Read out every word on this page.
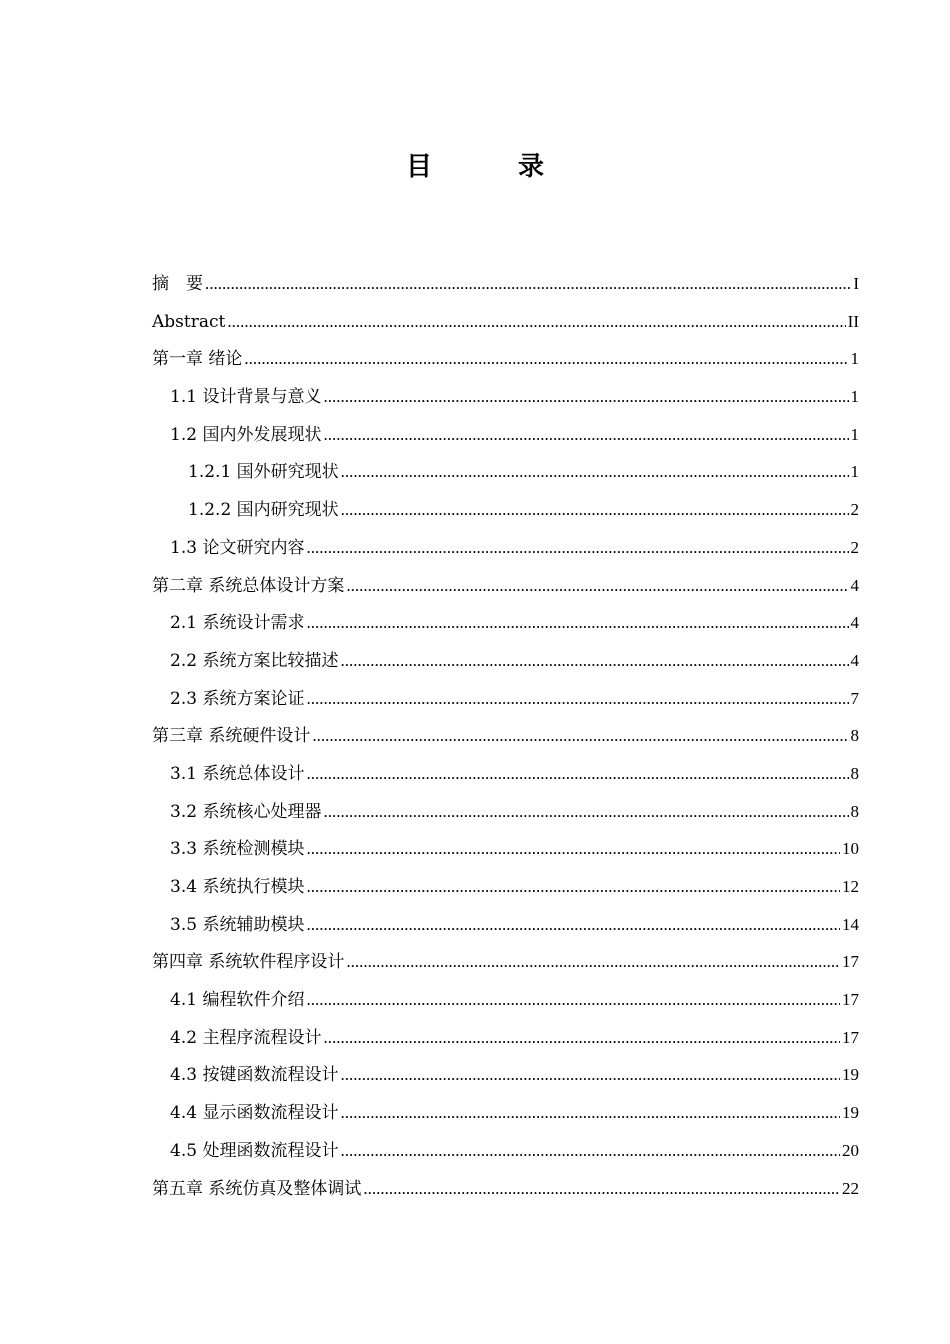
目　录
摘　要 .....	I
Abstract .....	II
第一章 绪论 .....	1
1.1 设计背景与意义 .....	1
1.2 国内外发展现状 .....	1
1.2.1 国外研究现状 .....	1
1.2.2 国内研究现状 .....	2
1.3 论文研究内容 .....	2
第二章 系统总体设计方案 .....	4
2.1 系统设计需求 .....	4
2.2 系统方案比较描述 .....	4
2.3 系统方案论证 .....	7
第三章 系统硬件设计 .....	8
3.1 系统总体设计 .....	8
3.2 系统核心处理器 .....	8
3.3 系统检测模块 .....	10
3.4 系统执行模块 .....	12
3.5 系统辅助模块 .....	14
第四章 系统软件程序设计 .....	17
4.1 编程软件介绍 .....	17
4.2 主程序流程设计 .....	17
4.3 按键函数流程设计 .....	19
4.4 显示函数流程设计 .....	19
4.5 处理函数流程设计 .....	20
第五章 系统仿真及整体调试 .....	22
